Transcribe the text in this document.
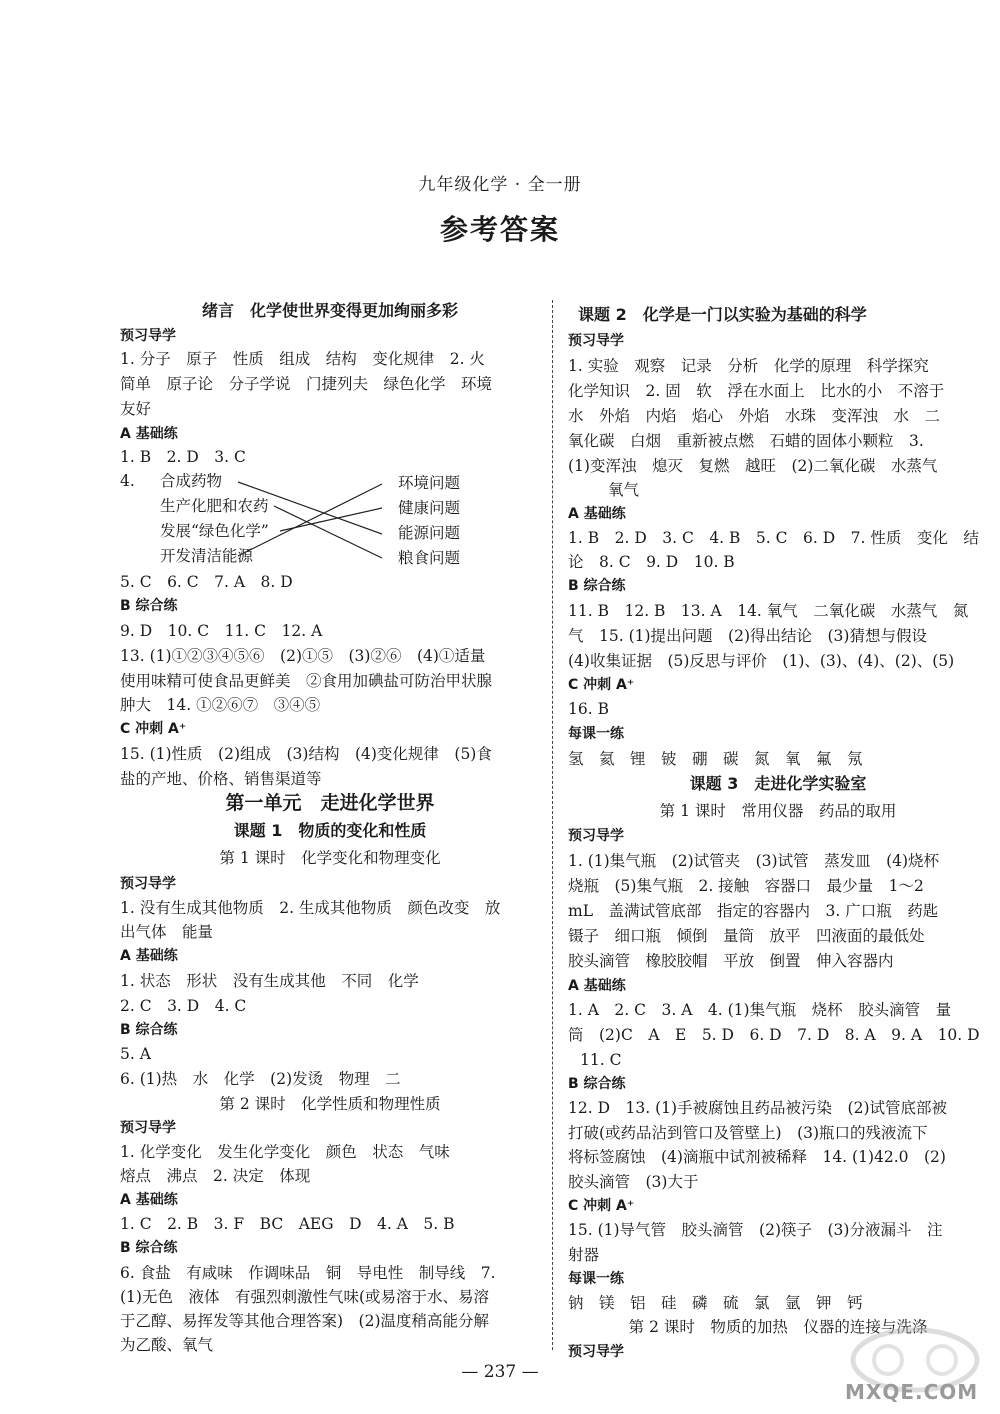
九年级化学 · 全一册
参考答案
绪言　化学使世界变得更加绚丽多彩
预习导学
1. 分子　原子　性质　组成　结构　变化规律　2. 火
简单　原子论　分子学说　门捷列夫　绿色化学　环境
友好
A 基础练
1. B　2. D　3. C
4. 合成药物
生产化肥和农药
发展“绿色化学”
开发清洁能源
环境问题
健康问题
能源问题
粮食问题
5. C　6. C　7. A　8. D
B 综合练
9. D　10. C　11. C　12. A
13. (1)①②③④⑤⑥　(2)①⑤　(3)②⑥　(4)①适量
使用味精可使食品更鲜美　②食用加碘盐可防治甲状腺
肿大　14. ①②⑥⑦　③④⑤
C 冲刺 A⁺
15. (1)性质　(2)组成　(3)结构　(4)变化规律　(5)食
盐的产地、价格、销售渠道等
第一单元　走进化学世界
课题 1　物质的变化和性质
第 1 课时　化学变化和物理变化
预习导学
1. 没有生成其他物质　2. 生成其他物质　颜色改变　放
出气体　能量
A 基础练
1. 状态　形状　没有生成其他　不同　化学
2. C　3. D　4. C
B 综合练
5. A
6. (1)热　水　化学　(2)发烫　物理　二
第 2 课时　化学性质和物理性质
预习导学
1. 化学变化　发生化学变化　颜色　状态　气味
熔点　沸点　2. 决定　体现
A 基础练
1. C　2. B　3. F　BC　AEG　D　4. A　5. B
B 综合练
6. 食盐　有咸味　作调味品　铜　导电性　制导线　7.
(1)无色　液体　有强烈刺激性气味(或易溶于水、易溶
于乙醇、易挥发等其他合理答案)　(2)温度稍高能分解
为乙酸、氧气
课题 2　化学是一门以实验为基础的科学
预习导学
1. 实验　观察　记录　分析　化学的原理　科学探究
化学知识　2. 固　软　浮在水面上　比水的小　不溶于
水　外焰　内焰　焰心　外焰　水珠　变浑浊　水　二
氧化碳　白烟　重新被点燃　石蜡的固体小颗粒　3.
(1)变浑浊　熄灭　复燃　越旺　(2)二氧化碳　水蒸气
氧气
A 基础练
1. B　2. D　3. C　4. B　5. C　6. D　7. 性质　变化　结
论　8. C　9. D　10. B
B 综合练
11. B　12. B　13. A　14. 氧气　二氧化碳　水蒸气　氮
气　15. (1)提出问题　(2)得出结论　(3)猜想与假设
(4)收集证据　(5)反思与评价　(1)、(3)、(4)、(2)、(5)
C 冲刺 A⁺
16. B
每课一练
氢　氦　锂　铍　硼　碳　氮　氧　氟　氖
课题 3　走进化学实验室
第 1 课时　常用仪器　药品的取用
预习导学
1. (1)集气瓶　(2)试管夹　(3)试管　蒸发皿　(4)烧杯
烧瓶　(5)集气瓶　2. 接触　容器口　最少量　1～2
mL　盖满试管底部　指定的容器内　3. 广口瓶　药匙
镊子　细口瓶　倾倒　量筒　放平　凹液面的最低处
胶头滴管　橡胶胶帽　平放　倒置　伸入容器内
A 基础练
1. A　2. C　3. A　4. (1)集气瓶　烧杯　胶头滴管　量
筒　(2)C　A　E　5. D　6. D　7. D　8. A　9. A　10. D
11. C
B 综合练
12. D　13. (1)手被腐蚀且药品被污染　(2)试管底部被
打破(或药品沾到管口及管壁上)　(3)瓶口的残液流下
将标签腐蚀　(4)滴瓶中试剂被稀释　14. (1)42.0　(2)
胶头滴管　(3)大于
C 冲刺 A⁺
15. (1)导气管　胶头滴管　(2)筷子　(3)分液漏斗　注
射器
每课一练
钠　镁　铝　硅　磷　硫　氯　氩　钾　钙
第 2 课时　物质的加热　仪器的连接与洗涤
预习导学
— 237 —
MXQE.COM
